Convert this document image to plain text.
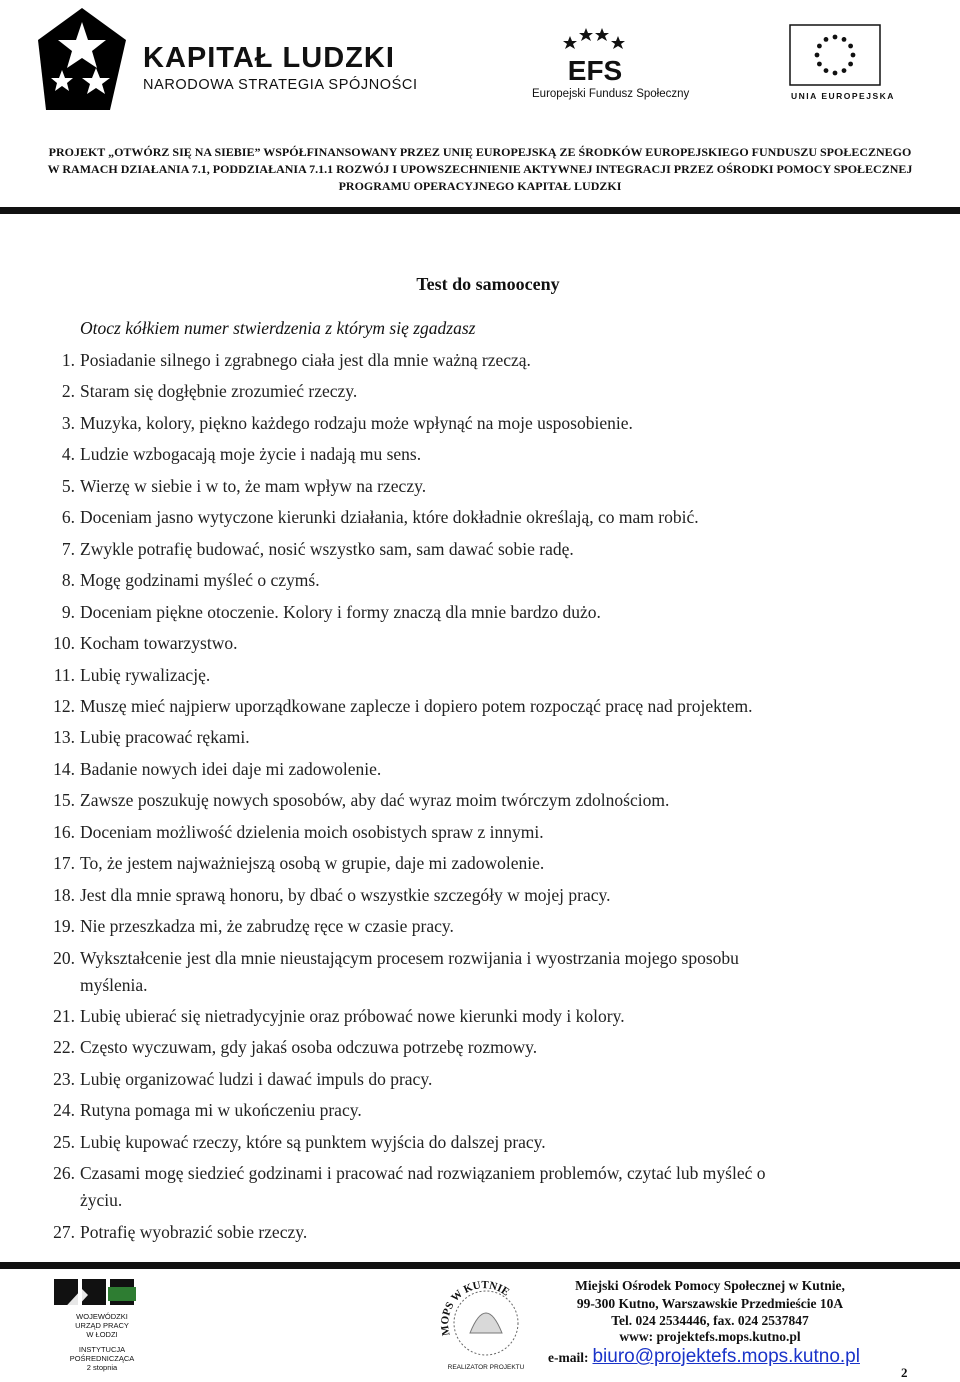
KAPITAŁ LUDZKI
NARODOWA STRATEGIA SPÓJNOŚCI	EFS
Europejski Fundusz Społeczny	UNIA EUROPEJSKA
PROJEKT „OTWÓRZ SIĘ NA SIEBIE” WSPÓŁFINANSOWANY PRZEZ UNIĘ EUROPEJSKĄ ZE ŚRODKÓW EUROPEJSKIEGO FUNDUSZU SPOŁECZNEGO
W RAMACH DZIAŁANIA 7.1, PODDZIAŁANIA 7.1.1 ROZWÓJ I UPOWSZECHNIENIE AKTYWNEJ INTEGRACJI PRZEZ OŚRODKI POMOCY SPOŁECZNEJ
PROGRAMU OPERACYJNEGO KAPITAŁ LUDZKI
Test do samooceny
Otocz kółkiem numer stwierdzenia z którym się zgadzasz
1. Posiadanie silnego i zgrabnego ciała jest dla mnie ważną rzeczą.
2. Staram się dogłębnie zrozumieć rzeczy.
3. Muzyka, kolory, piękno każdego rodzaju może wpłynąć na moje usposobienie.
4. Ludzie wzbogacają moje życie i nadają mu sens.
5. Wierzę w siebie i w to, że mam wpływ na rzeczy.
6. Doceniam jasno wytyczone kierunki działania, które dokładnie określają, co mam robić.
7. Zwykle potrafię budować, nosić wszystko sam, sam dawać sobie radę.
8. Mogę godzinami myśleć o czymś.
9. Doceniam piękne otoczenie. Kolory i formy znaczą dla mnie bardzo dużo.
10. Kocham towarzystwo.
11. Lubię rywalizację.
12. Muszę mieć najpierw uporządkowane zaplecze i dopiero potem rozpocząć pracę nad projektem.
13. Lubię pracować rękami.
14. Badanie nowych idei daje mi zadowolenie.
15. Zawsze poszukuję nowych sposobów, aby dać wyraz moim twórczym zdolnościom.
16. Doceniam możliwość dzielenia moich osobistych spraw z innymi.
17. To, że jestem najważniejszą osobą w grupie, daje mi zadowolenie.
18. Jest dla mnie sprawą honoru, by dbać o wszystkie szczegóły w mojej pracy.
19. Nie przeszkadza mi, że zabrudzę ręce w czasie pracy.
20. Wykształcenie jest dla mnie nieustającym procesem rozwijania i wyostrzania mojego sposobu
myślenia.
21. Lubię ubierać się nietradycyjnie oraz próbować nowe kierunki mody i kolory.
22. Często wyczuwam, gdy jakaś osoba odczuwa potrzebę rozmowy.
23. Lubię organizować ludzi i dawać impuls do pracy.
24. Rutyna pomaga mi w ukończeniu pracy.
25. Lubię kupować rzeczy, które są punktem wyjścia do dalszej pracy.
26. Czasami mogę siedzieć godzinami i pracować nad rozwiązaniem problemów, czytać lub myśleć o
życiu.
27. Potrafię wyobrazić sobie rzeczy.
WOJEWÓDZKI
URZĄD PRACY
W ŁODZI
INSTYTUCJA
POŚREDNICZĄCA
2 stopnia
MOPS W KUTNIE
REALIZATOR PROJEKTU
Miejski Ośrodek Pomocy Społecznej w Kutnie,
99-300 Kutno, Warszawskie Przedmieście 10A
Tel. 024 2534446, fax. 024 2537847
www: projektefs.mops.kutno.pl
e-mail: biuro@projektefs.mops.kutno.pl
2
